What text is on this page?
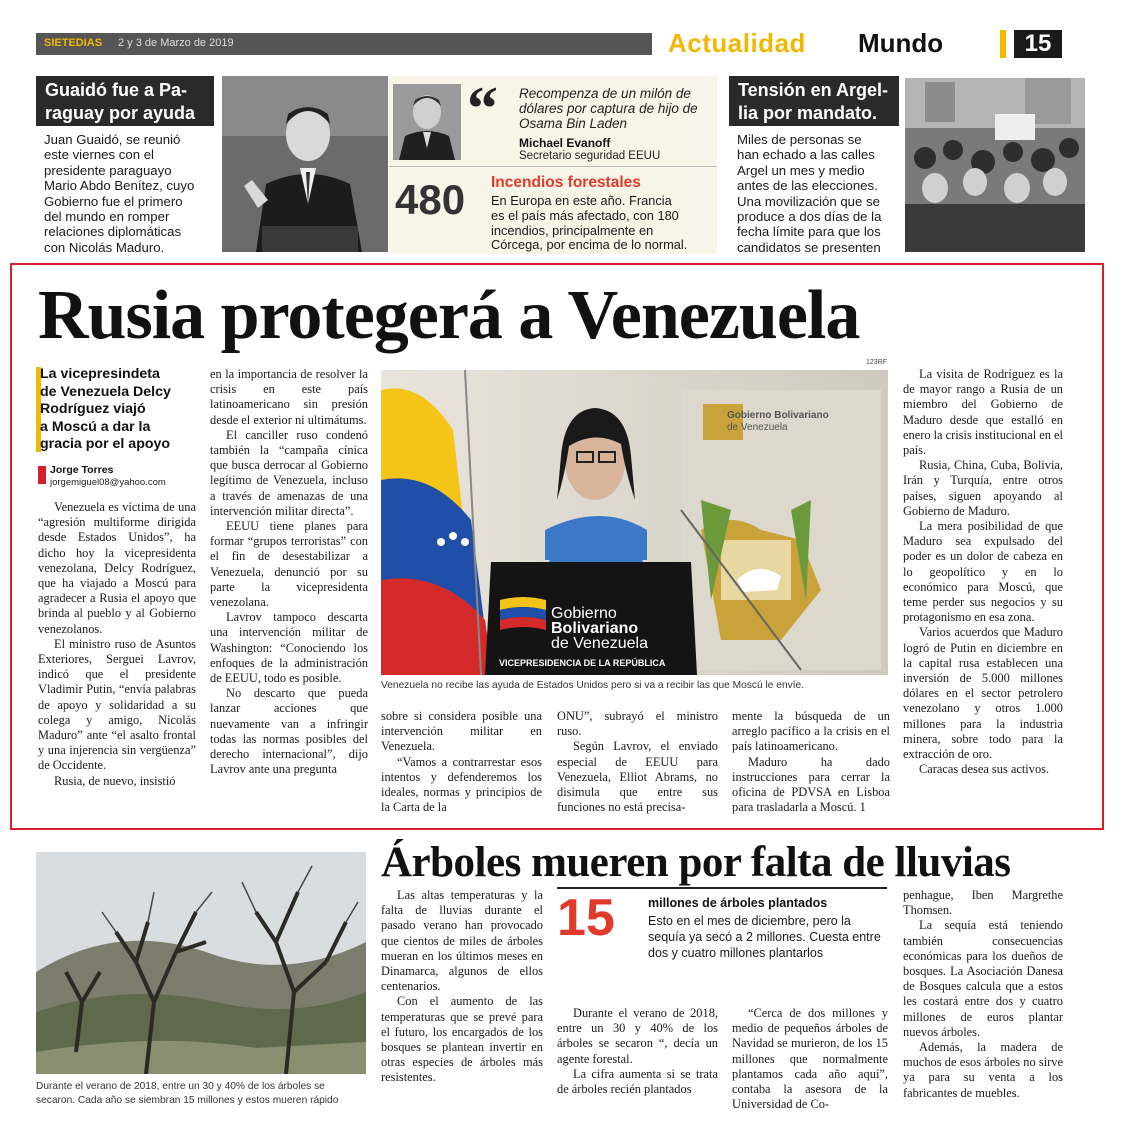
SIETEDIAS 2 y 3 de Marzo de 2019	Actualidad Mundo	15
Guaidó fue a Pa-
raguay por ayuda
Juan Guaidó, se reunió
este viernes con el
presidente paraguayo
Mario Abdo Benítez, cuyo
Gobierno fue el primero
del mundo en romper
relaciones diplomáticas
con Nicolás Maduro.
“ Recompenza de un milón de
dólares por captura de hijo de
Osama Bin Laden
Michael Evanoff
Secretario seguridad EEUU
480 Incendios forestales
En Europa en este año. Francia
es el país más afectado, con 180
incendios, principalmente en
Córcega, por encima de lo normal.
Tensión en Argel-
lia por mandato.
Miles de personas se
han echado a las calles
Argel un mes y medio
antes de las elecciones.
Una movilización que se
produce a dos días de la
fecha límite para que los
candidatos se presenten
Rusia protegerá a Venezuela
La vicepresindeta
de Venezuela Delcy
Rodríguez viajó
a Moscú a dar la
gracia por el apoyo
Jorge Torres
jorgemiguel08@yahoo.com

Venezuela es víctima de una “agresión multiforme dirigida desde Estados Unidos”, ha dicho hoy la vicepresidenta venezolana, Delcy Rodríguez, que ha viajado a Moscú para agradecer a Rusia el apoyo que brinda al pueblo y al Gobierno venezolanos.

El ministro ruso de Asuntos Exteriores, Serguei Lavrov, indicó que el presidente Vladimir Putin, “envía palabras de apoyo y solidaridad a su colega y amigo, Nicolás Maduro” ante “el asalto frontal y una injerencia sin vergüenza” de Occidente.

Rusia, de nuevo, insistió

en la importancia de resolver la crisis en este país latinoamericano sin presión desde el exterior ni ultimátums.

El canciller ruso condenó también la “campaña cínica que busca derrocar al Gobierno legítimo de Venezuela, incluso a través de amenazas de una intervención militar directa”.

EEUU tiene planes para formar “grupos terroristas” con el fin de desestabilizar a Venezuela, denunció por su parte la vicepresidenta venezolana.

Lavrov tampoco descarta una intervención militar de Washington: “Conociendo los enfoques de la administración de EEUU, todo es posible.

No descarto que pueda lanzar acciones que nuevamente van a infringir todas las normas posibles del derecho internacional”, dijo Lavrov ante una pregunta

123RF
Gobierno
Bolivariano
de Venezuela
VICEPRESIDENCIA DE LA REPÚBLICA
Gobierno Bolivariano
de Venezuela
Venezuela no recibe las ayuda de Estados Unidos pero si va a recibir las que Moscú le envíe.

sobre si considera posible una intervención militar en Venezuela.

“Vamos a contrarrestar esos intentos y defenderemos los ideales, normas y principios de la Carta de la

ONU”, subrayó el ministro ruso.

Según Lavrov, el enviado especial de EEUU para Venezuela, Elliot Abrams, no disimula que entre sus funciones no está precisa-

mente la búsqueda de un arreglo pacífico a la crisis en el país latinoamericano.

Maduro ha dado instrucciones para cerrar la oficina de PDVSA en Lisboa para trasladarla a Moscú. 1

La visita de Rodríguez es la de mayor rango a Rusia de un miembro del Gobierno de Maduro desde que estalló en enero la crisis institucional en el país.

Rusia, China, Cuba, Bolivia, Irán y Turquía, entre otros países, siguen apoyando al Gobierno de Maduro.

La mera posibilidad de que Maduro sea expulsado del poder es un dolor de cabeza en lo geopolítico y en lo económico para Moscú, que teme perder sus negocios y su protagonismo en esa zona.

Varios acuerdos que Maduro logró de Putin en diciembre en la capital rusa establecen una inversión de 5.000 millones dólares en el sector petrolero venezolano y otros 1.000 millones para la industria minera, sobre todo para la extracción de oro.

Caracas desea sus activos.

Durante el verano de 2018, entre un 30 y 40% de los árboles se secaron. Cada año se siembran 15 millones y estos mueren rápido
Árboles mueren por falta de lluvias

Las altas temperaturas y la falta de lluvias durante el pasado verano han provocado que cientos de miles de árboles mueran en los últimos meses en Dinamarca, algunos de ellos centenarios.

Con el aumento de las temperaturas que se prevé para el futuro, los encargados de los bosques se plantean invertir en otras especies de árboles más resistentes.

15	millones de árboles plantados
Esto en el mes de diciembre, pero la
sequía ya secó a 2 millones. Cuesta entre
dos y cuatro millones plantarlos

Durante el verano de 2018, entre un 30 y 40% de los árboles se secaron “, decía un agente forestal.

La cifra aumenta si se trata de árboles recién plantados

“Cerca de dos millones y medio de pequeños árboles de Navidad se murieron, de los 15 millones que normalmente plantamos cada año aquí”, contaba la asesora de la Universidad de Co-

penhague, Iben Margrethe Thomsen.

La sequía está teniendo también consecuencias económicas para los dueños de bosques. La Asociación Danesa de Bosques calcula que a estos les costará entre dos y cuatro millones de euros plantar nuevos árboles.

Además, la madera de muchos de esos árboles no sirve ya para su venta a los fabricantes de muebles.
